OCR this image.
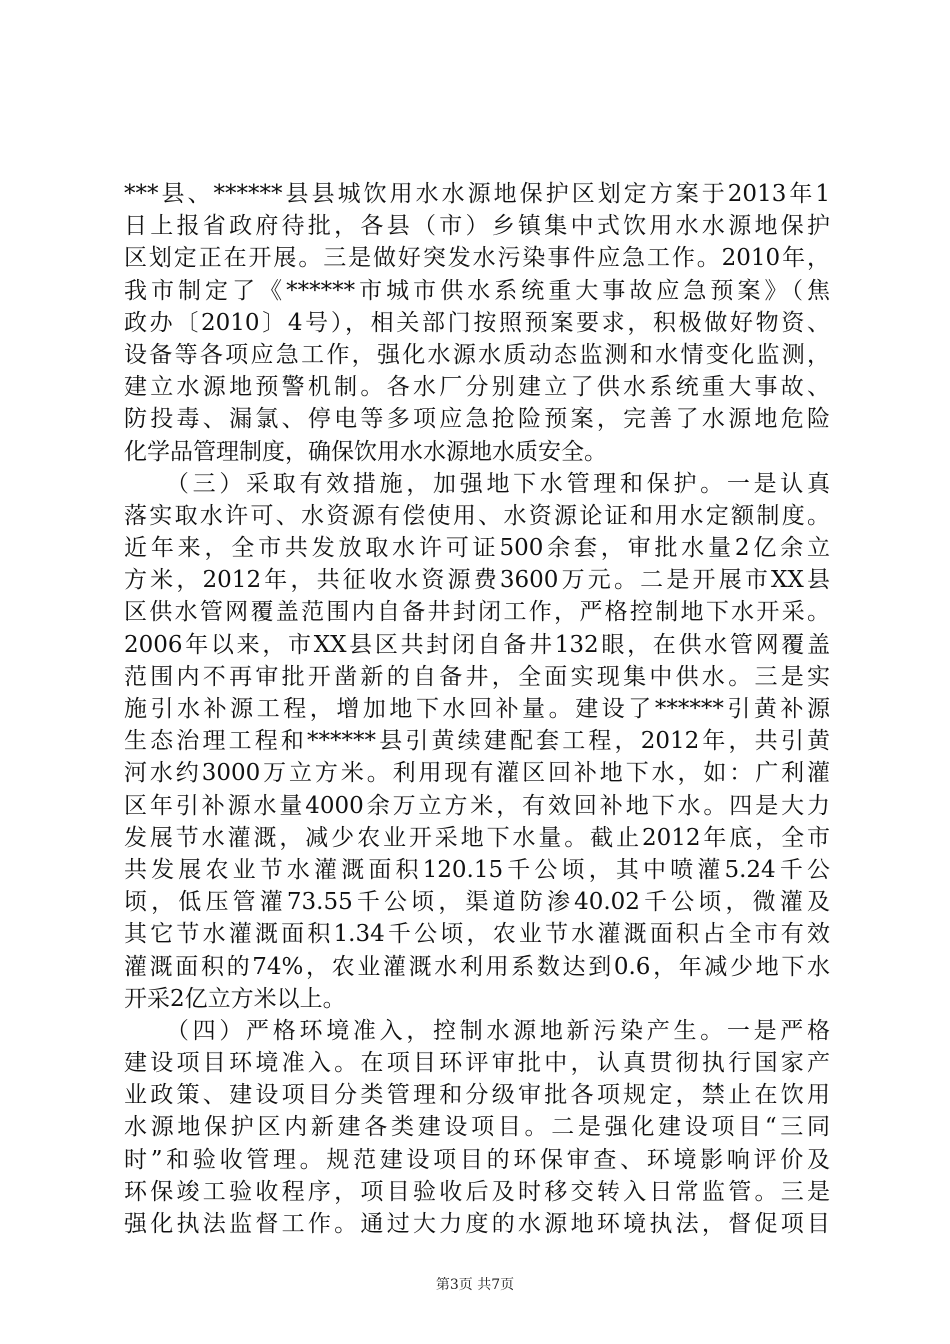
***县、******县县城饮用水水源地保护区划定方案于2013年1
日上报省政府待批，各县（市）乡镇集中式饮用水水源地保护
区划定正在开展。三是做好突发水污染事件应急工作。2010年，
我市制定了《******市城市供水系统重大事故应急预案》（焦
政办〔2010〕4号），相关部门按照预案要求，积极做好物资、
设备等各项应急工作，强化水源水质动态监测和水情变化监测，
建立水源地预警机制。各水厂分别建立了供水系统重大事故、
防投毒、漏氯、停电等多项应急抢险预案，完善了水源地危险
化学品管理制度，确保饮用水水源地水质安全。
　　（三）采取有效措施，加强地下水管理和保护。一是认真
落实取水许可、水资源有偿使用、水资源论证和用水定额制度。
近年来，全市共发放取水许可证500余套，审批水量2亿余立
方米，2012年，共征收水资源费3600万元。二是开展市XX县
区供水管网覆盖范围内自备井封闭工作，严格控制地下水开采。
2006年以来，市XX县区共封闭自备井132眼，在供水管网覆盖
范围内不再审批开凿新的自备井，全面实现集中供水。三是实
施引水补源工程，增加地下水回补量。建设了******引黄补源
生态治理工程和******县引黄续建配套工程，2012年，共引黄
河水约3000万立方米。利用现有灌区回补地下水，如：广利灌
区年引补源水量4000余万立方米，有效回补地下水。四是大力
发展节水灌溉，减少农业开采地下水量。截止2012年底，全市
共发展农业节水灌溉面积120.15千公顷，其中喷灌5.24千公
顷，低压管灌73.55千公顷，渠道防渗40.02千公顷，微灌及
其它节水灌溉面积1.34千公顷，农业节水灌溉面积占全市有效
灌溉面积的74%，农业灌溉水利用系数达到0.6，年减少地下水
开采2亿立方米以上。
　　（四）严格环境准入，控制水源地新污染产生。一是严格
建设项目环境准入。在项目环评审批中，认真贯彻执行国家产
业政策、建设项目分类管理和分级审批各项规定，禁止在饮用
水源地保护区内新建各类建设项目。二是强化建设项目“三同
时”和验收管理。规范建设项目的环保审查、环境影响评价及
环保竣工验收程序，项目验收后及时移交转入日常监管。三是
强化执法监督工作。通过大力度的水源地环境执法，督促项目
第3页 共7页
